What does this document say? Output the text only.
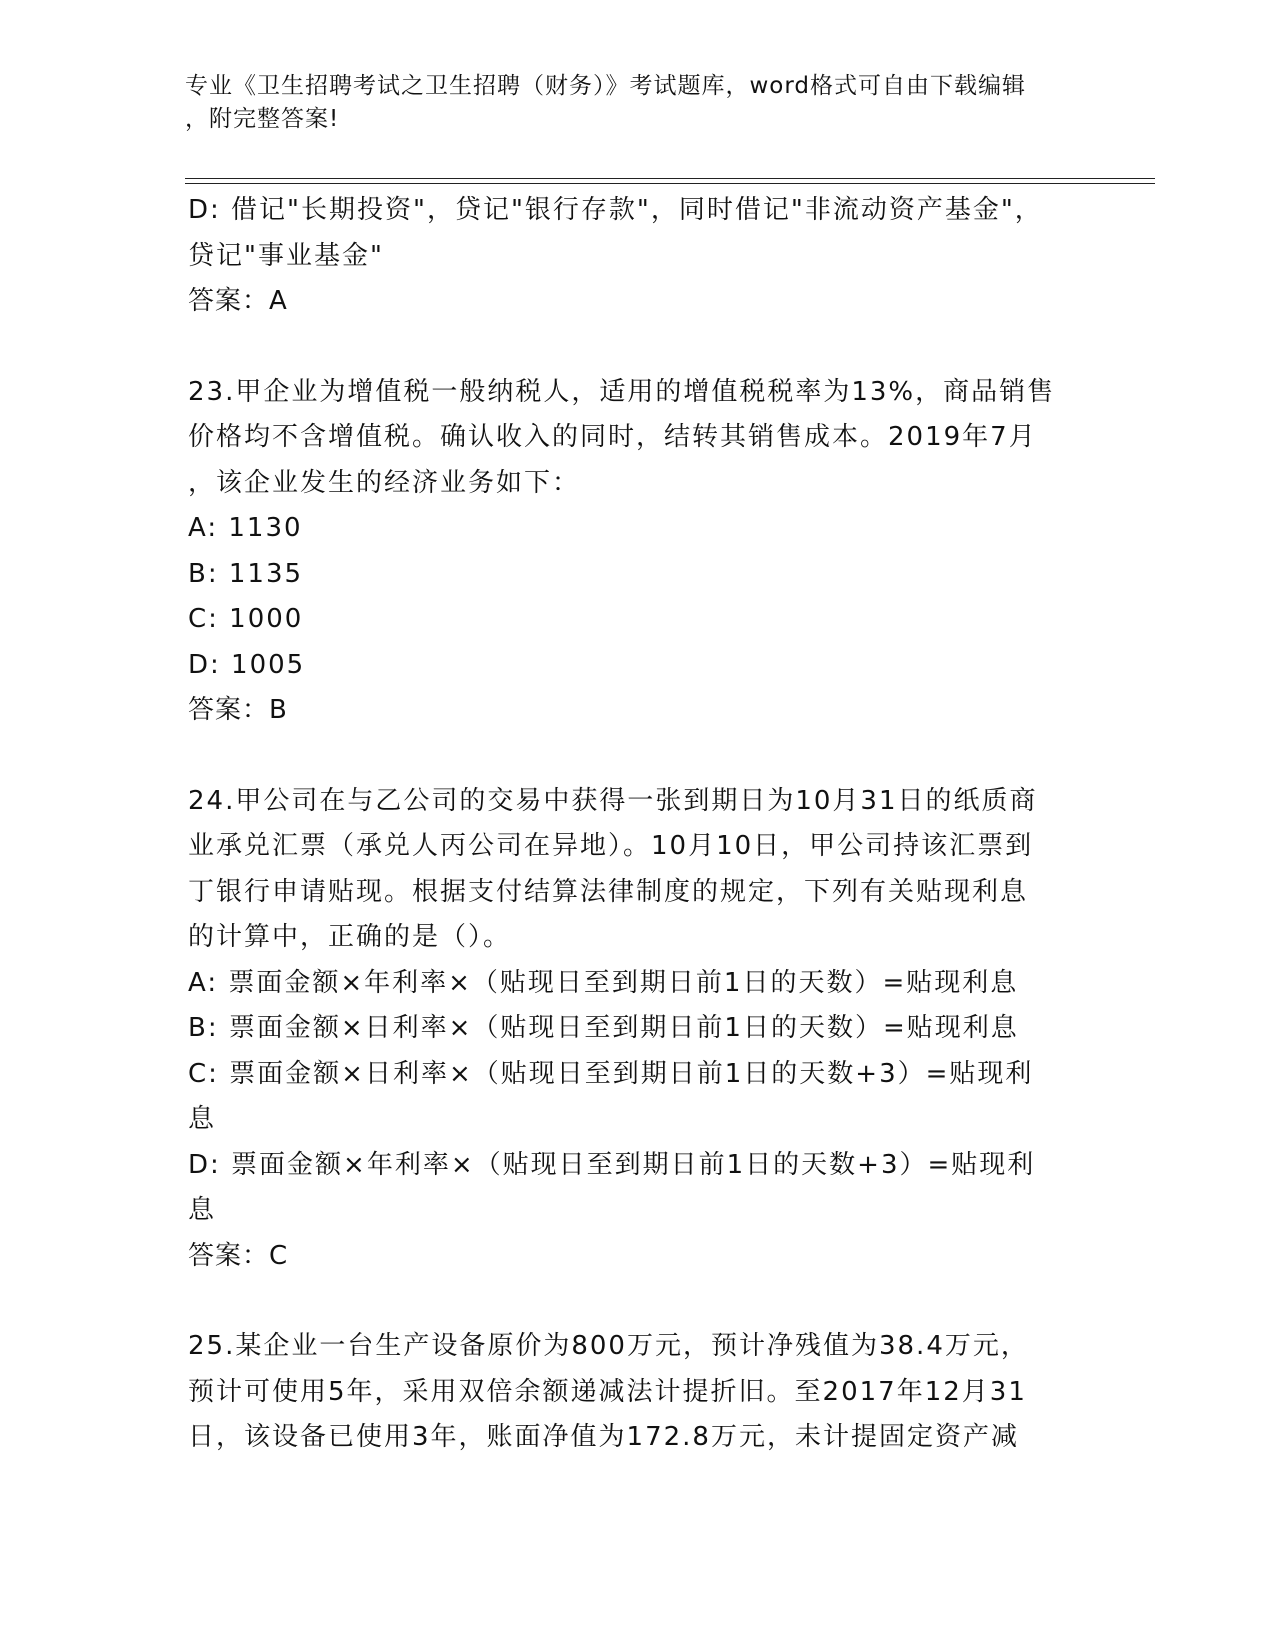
专业《卫生招聘考试之卫生招聘（财务）》考试题库，word格式可自由下载编辑
，附完整答案!

D: 借记"长期投资"，贷记"银行存款"，同时借记"非流动资产基金"，

贷记"事业基金"

答案：A

23.甲企业为增值税一般纳税人，适用的增值税税率为13%，商品销售

价格均不含增值税。确认收入的同时，结转其销售成本。2019年7月

，该企业发生的经济业务如下：

A: 1130

B: 1135

C: 1000

D: 1005

答案：B

24.甲公司在与乙公司的交易中获得一张到期日为10月31日的纸质商

业承兑汇票（承兑人丙公司在异地）。10月10日，甲公司持该汇票到

丁银行申请贴现。根据支付结算法律制度的规定，下列有关贴现利息

的计算中，正确的是（）。

A: 票面金额×年利率×（贴现日至到期日前1日的天数）=贴现利息

B: 票面金额×日利率×（贴现日至到期日前1日的天数）=贴现利息

C: 票面金额×日利率×（贴现日至到期日前1日的天数+3）=贴现利

息

D: 票面金额×年利率×（贴现日至到期日前1日的天数+3）=贴现利

息

答案：C

25.某企业一台生产设备原价为800万元，预计净残值为38.4万元，

预计可使用5年，采用双倍余额递减法计提折旧。至2017年12月31

日，该设备已使用3年，账面净值为172.8万元，未计提固定资产减
